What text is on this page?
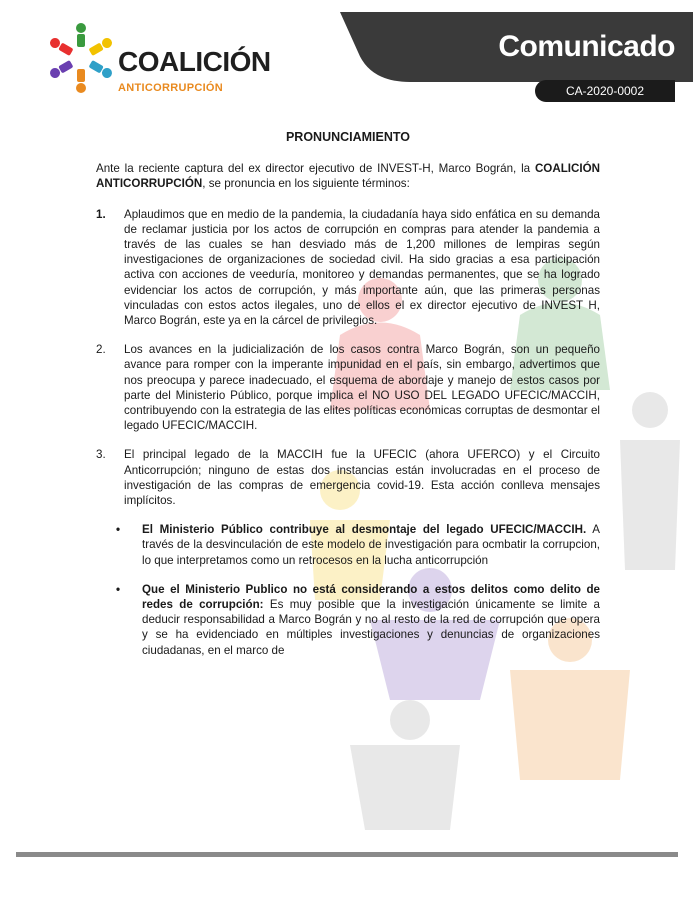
COALICIÓN
ANTICORRUPCIÓN
Comunicado
CA-2020-0002
PRONUNCIAMIENTO

Ante la reciente captura del ex director ejecutivo de INVEST-H, Marco Bográn, la COALICIÓN ANTICORRUPCIÓN, se pronuncia en los siguiente términos:

1. Aplaudimos que en medio de la pandemia, la ciudadanía haya sido enfática en su demanda de reclamar justicia por los actos de corrupción en compras para atender la pandemia a través de las cuales se han desviado más de 1,200 millones de lempiras según investigaciones de organizaciones de sociedad civil. Ha sido gracias a esa participación activa con acciones de veeduría, monitoreo y demandas permanentes, que se ha logrado evidenciar los actos de corrupción, y más importante aún, que las primeras personas vinculadas con estos actos ilegales, uno de ellos el ex director ejecutivo de INVEST H, Marco Bográn, este ya en la cárcel de privilegios.
2. Los avances en la judicialización de los casos contra Marco Bográn, son un pequeño avance para romper con la imperante impunidad en el país, sin embargo, advertimos que nos preocupa y parece inadecuado, el esquema de abordaje y manejo de estos casos por parte del Ministerio Público, porque implica el NO USO DEL LEGADO UFECIC/MACCIH, contribuyendo con la estrategia de las elites políticas económicas corruptas de desmontar el legado UFECIC/MACCIH.
3. El principal legado de la MACCIH fue la UFECIC (ahora UFERCO) y el Circuito Anticorrupción; ninguno de estas dos instancias están involucradas en el proceso de investigación de las compras de emergencia covid-19. Esta acción conlleva mensajes implícitos.
• El Ministerio Público contribuye al desmontaje del legado UFECIC/MACCIH. A través de la desvinculación de este modelo de investigación para ocmbatir la corrupcion, lo que interpretamos como un retrocesos en la lucha anticorrupción
• Que el Ministerio Publico no está considerando a estos delitos como delito de redes de corrupción: Es muy posible que la investigación únicamente se limite a deducir responsabilidad a Marco Bográn y no al resto de la red de corrupción que opera y se ha evidenciado en múltiples investigaciones y denuncias de organizaciones ciudadanas, en el marco de
